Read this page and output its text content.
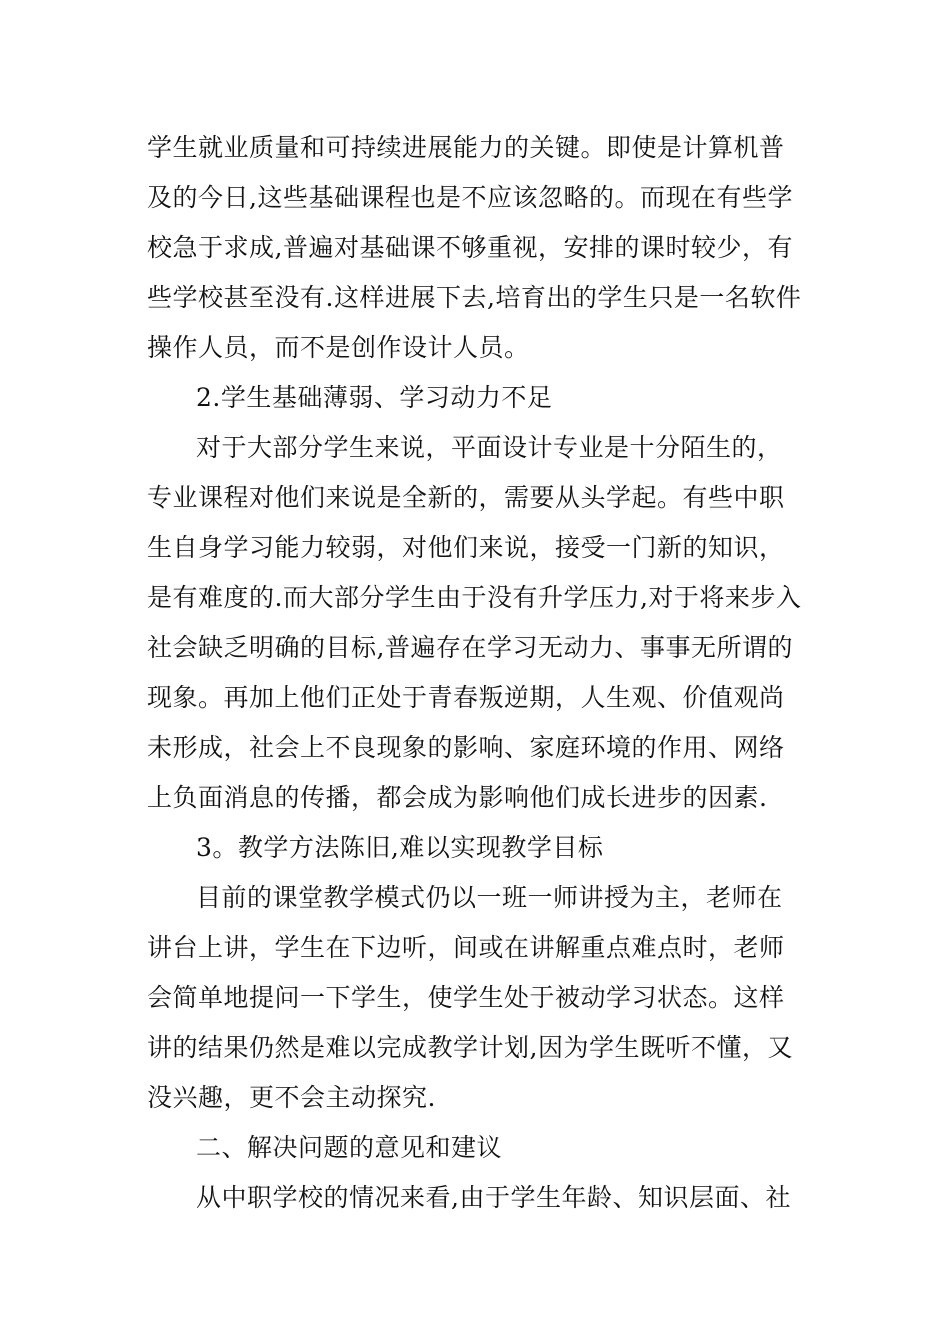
学生就业质量和可持续进展能力的关键。即使是计算机普

及的今日,这些基础课程也是不应该忽略的。而现在有些学

校急于求成,普遍对基础课不够重视，安排的课时较少，有

些学校甚至没有.这样进展下去,培育出的学生只是一名软件

操作人员，而不是创作设计人员。

2.学生基础薄弱、学习动力不足

对于大部分学生来说，平面设计专业是十分陌生的，

专业课程对他们来说是全新的，需要从头学起。有些中职

生自身学习能力较弱，对他们来说，接受一门新的知识，

是有难度的.而大部分学生由于没有升学压力,对于将来步入

社会缺乏明确的目标,普遍存在学习无动力、事事无所谓的

现象。再加上他们正处于青春叛逆期，人生观、价值观尚

未形成，社会上不良现象的影响、家庭环境的作用、网络

上负面消息的传播，都会成为影响他们成长进步的因素.

3。教学方法陈旧,难以实现教学目标

目前的课堂教学模式仍以一班一师讲授为主，老师在

讲台上讲，学生在下边听，间或在讲解重点难点时，老师

会简单地提问一下学生，使学生处于被动学习状态。这样

讲的结果仍然是难以完成教学计划,因为学生既听不懂，又

没兴趣，更不会主动探究.

二、解决问题的意见和建议

从中职学校的情况来看,由于学生年龄、知识层面、社
